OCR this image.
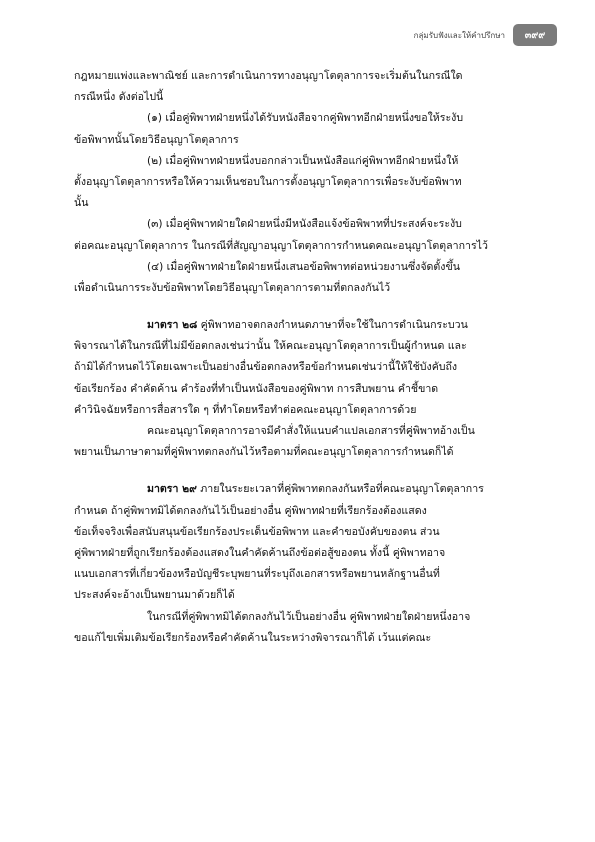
กลุ่มรับฟังและให้คำปรึกษา	๓๙๙
กฎหมายแพ่งและพาณิชย์ และการดำเนินการทางอนุญาโตตุลาการจะเริ่มต้นในกรณีใด
กรณีหนึ่ง ดังต่อไปนี้
(๑) เมื่อคู่พิพาทฝ่ายหนึ่งได้รับหนังสือจากคู่พิพาทอีกฝ่ายหนึ่งขอให้ระงับ
ข้อพิพาทนั้นโดยวิธีอนุญาโตตุลาการ
(๒) เมื่อคู่พิพาทฝ่ายหนึ่งบอกกล่าวเป็นหนังสือแก่คู่พิพาทอีกฝ่ายหนึ่งให้
ตั้งอนุญาโตตุลาการหรือให้ความเห็นชอบในการตั้งอนุญาโตตุลาการเพื่อระงับข้อพิพาท
นั้น
(๓) เมื่อคู่พิพาทฝ่ายใดฝ่ายหนึ่งมีหนังสือแจ้งข้อพิพาทที่ประสงค์จะระงับ
ต่อคณะอนุญาโตตุลาการ ในกรณีที่สัญญาอนุญาโตตุลาการกำหนดคณะอนุญาโตตุลาการไว้
(๔) เมื่อคู่พิพาทฝ่ายใดฝ่ายหนึ่งเสนอข้อพิพาทต่อหน่วยงานซึ่งจัดตั้งขึ้น
เพื่อดำเนินการระงับข้อพิพาทโดยวิธีอนุญาโตตุลาการตามที่ตกลงกันไว้
มาตรา ๒๘ คู่พิพาทอาจตกลงกำหนดภาษาที่จะใช้ในการดำเนินกระบวน
พิจารณาได้ในกรณีที่ไม่มีข้อตกลงเช่นว่านั้น ให้คณะอนุญาโตตุลาการเป็นผู้กำหนด และ
ถ้ามิได้กำหนดไว้โดยเฉพาะเป็นอย่างอื่นข้อตกลงหรือข้อกำหนดเช่นว่านี้ให้ใช้บังคับถึง
ข้อเรียกร้อง คำคัดค้าน คำร้องที่ทำเป็นหนังสือของคู่พิพาท การสืบพยาน คำชี้ขาด
คำวินิจฉัยหรือการสื่อสารใด ๆ ที่ทำโดยหรือทำต่อคณะอนุญาโตตุลาการด้วย
คณะอนุญาโตตุลาการอาจมีคำสั่งให้แนบคำแปลเอกสารที่คู่พิพาทอ้างเป็น
พยานเป็นภาษาตามที่คู่พิพาทตกลงกันไว้หรือตามที่คณะอนุญาโตตุลาการกำหนดก็ได้
มาตรา ๒๙ ภายในระยะเวลาที่คู่พิพาทตกลงกันหรือที่คณะอนุญาโตตุลาการ
กำหนด ถ้าคู่พิพาทมิได้ตกลงกันไว้เป็นอย่างอื่น คู่พิพาทฝ่ายที่เรียกร้องต้องแสดง
ข้อเท็จจริงเพื่อสนับสนุนข้อเรียกร้องประเด็นข้อพิพาท และคำขอบังคับของตน ส่วน
คู่พิพาทฝ่ายที่ถูกเรียกร้องต้องแสดงในคำคัดค้านถึงข้อต่อสู้ของตน ทั้งนี้ คู่พิพาทอาจ
แนบเอกสารที่เกี่ยวข้องหรือบัญชีระบุพยานที่ระบุถึงเอกสารหรือพยานหลักฐานอื่นที่
ประสงค์จะอ้างเป็นพยานมาด้วยก็ได้
ในกรณีที่คู่พิพาทมิได้ตกลงกันไว้เป็นอย่างอื่น คู่พิพาทฝ่ายใดฝ่ายหนึ่งอาจ
ขอแก้ไขเพิ่มเติมข้อเรียกร้องหรือคำคัดค้านในระหว่างพิจารณาก็ได้ เว้นแต่คณะ
